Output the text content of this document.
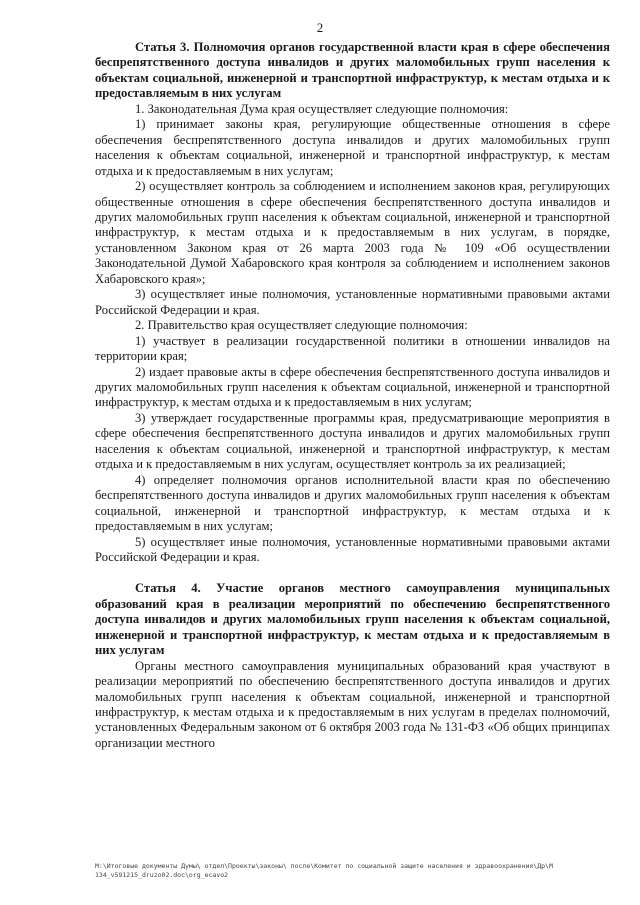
2

Статья 3. Полномочия органов государственной власти края в сфере обеспечения беспрепятственного доступа инвалидов и других маломобильных групп населения к объектам социальной, инженерной и транспортной инфраструктур, к местам отдыха и к предоставляемым в них услугам

1. Законодательная Дума края осуществляет следующие полномочия:

1) принимает законы края, регулирующие общественные отношения в сфере обеспечения беспрепятственного доступа инвалидов и других маломобильных групп населения к объектам социальной, инженерной и транспортной инфраструктур, к местам отдыха и к предоставляемым в них услугам;

2) осуществляет контроль за соблюдением и исполнением законов края, регулирующих общественные отношения в сфере обеспечения беспрепятственного доступа инвалидов и других маломобильных групп населения к объектам социальной, инженерной и транспортной инфраструктур, к местам отдыха и к предоставляемым в них услугам, в порядке, установленном Законом края от 26 марта 2003 года № 109 «Об осуществлении Законодательной Думой Хабаровского края контроля за соблюдением и исполнением законов Хабаровского края»;

3) осуществляет иные полномочия, установленные нормативными правовыми актами Российской Федерации и края.

2. Правительство края осуществляет следующие полномочия:

1) участвует в реализации государственной политики в отношении инвалидов на территории края;

2) издает правовые акты в сфере обеспечения беспрепятственного доступа инвалидов и других маломобильных групп населения к объектам социальной, инженерной и транспортной инфраструктур, к местам отдыха и к предоставляемым в них услугам;

3) утверждает государственные программы края, предусматривающие мероприятия в сфере обеспечения беспрепятственного доступа инвалидов и других маломобильных групп населения к объектам социальной, инженерной и транспортной инфраструктур, к местам отдыха и к предоставляемым в них услугам, осуществляет контроль за их реализацией;

4) определяет полномочия органов исполнительной власти края по обеспечению беспрепятственного доступа инвалидов и других маломобильных групп населения к объектам социальной, инженерной и транспортной инфраструктур, к местам отдыха и к предоставляемым в них услугам;

5) осуществляет иные полномочия, установленные нормативными правовыми актами Российской Федерации и края.

Статья 4. Участие органов местного самоуправления муниципальных образований края в реализации мероприятий по обеспечению беспрепятственного доступа инвалидов и других маломобильных групп населения к объектам социальной, инженерной и транспортной инфраструктур, к местам отдыха и к предоставляемым в них услугам

Органы местного самоуправления муниципальных образований края участвуют в реализации мероприятий по обеспечению беспрепятственного доступа инвалидов и других маломобильных групп населения к объектам социальной, инженерной и транспортной инфраструктур, к местам отдыха и к предоставляемым в них услугам в пределах полномочий, установленных Федеральным законом от 6 октября 2003 года № 131-ФЗ «Об общих принципах организации местного

M:\Итоговые документы Думы\ отдел\Проекты\законы\ после\Комитет по социальной защите населения и здравоохранения\Др\М
134_v591215_druzo02.doc\org_ecavo2
